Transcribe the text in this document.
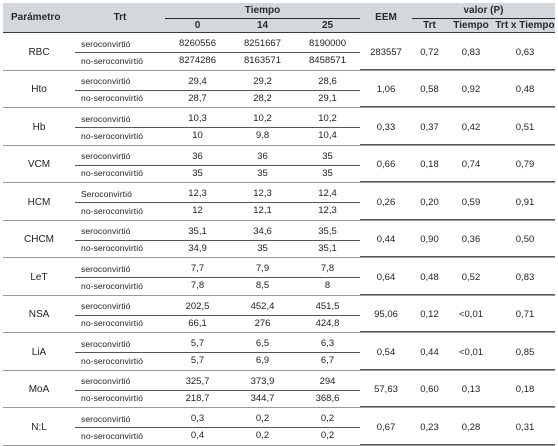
Parámetro	Trt	Tiempo			EEM	valor (P)		
		0	14	25		Trt	Tiempo	Trt x Tiempo

RBC	seroconvirtió	8260556	8251667	8190000	283557	0,72	0,83	0,63
	no-seroconvirtió	8274286	8163571	8458571				

Hto	seroconvirtió	29,4	29,2	28,6	1,06	0,58	0,92	0,48
	no-seroconvirtió	28,7	28,2	29,1				

Hb	seroconvirtió	10,3	10,2	10,2	0,33	0,37	0,42	0,51
	no-seroconvirtió	10	9,8	10,4				

VCM	seroconvirtió	36	36	35	0,66	0,18	0,74	0,79
	no-seroconvirtió	35	35	35				

HCM	Seroconvirtió	12,3	12,3	12,4	0,26	0,20	0,59	0,91
	no-seroconvirtió	12	12,1	12,3				

CHCM	seroconvirtió	35,1	34,6	35,5	0,44	0,90	0,36	0,50
	no-seroconvirtió	34,9	35	35,1				

LeT	seroconvirtió	7,7	7,9	7,8	0,64	0,48	0,52	0,83
	no-seroconvirtió	7,8	8,5	8				

NSA	seroconvirtió	202,5	452,4	451,5	95,06	0,12	<0,01	0,71
	no-seroconvirtió	66,1	276	424,8				

LiA	seroconvirtió	5,7	6,5	6,3	0,54	0,44	<0,01	0,85
	no-seroconvirtió	5,7	6,9	6,7				

MoA	seroconvirtió	325,7	373,9	294	57,63	0,60	0,13	0,18
	no-seroconvirtió	218,7	344,7	368,6				

N:L	seroconvirtió	0,3	0,2	0,2	0,67	0,23	0,28	0,31
	no-seroconvirtió	0,4	0,2	0,2				
